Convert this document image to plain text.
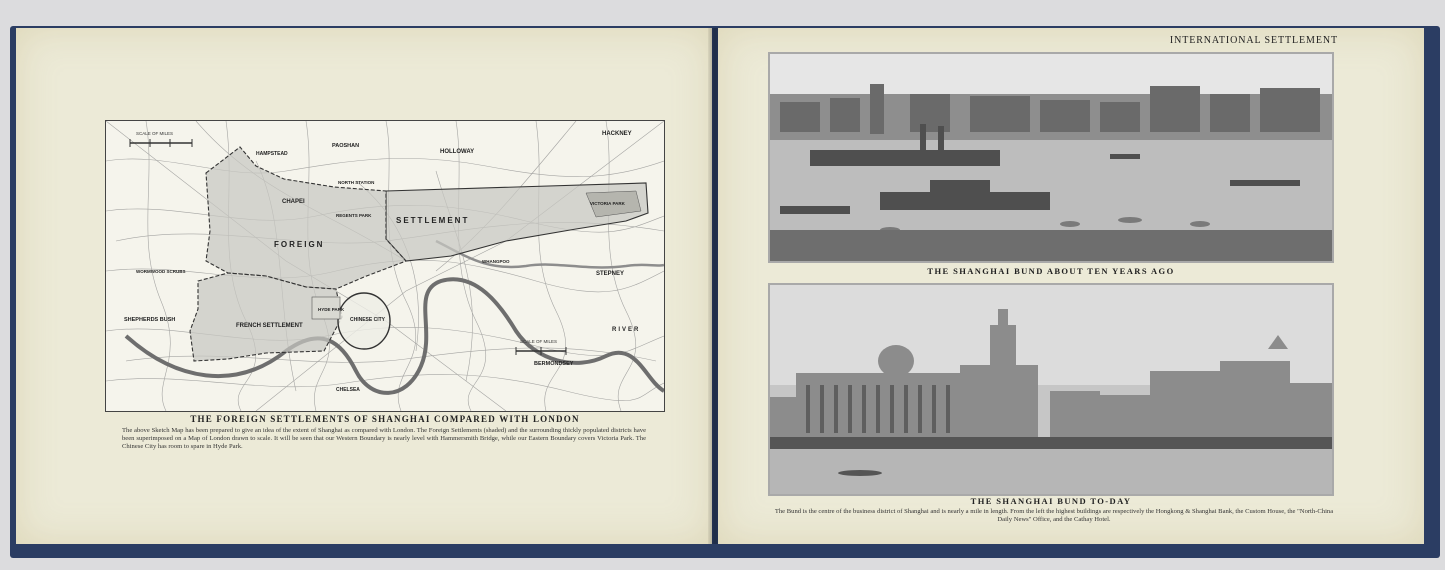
SCALE OF MILES
SCALE OF MILES
HACKNEY
HAMPSTEAD
PAOSHAN
HOLLOWAY
NORTH STATION
CHAPEI
REGENTS PARK
SETTLEMENT
VICTORIA PARK
FOREIGN
WORMWOOD SCRUBS	STEPNEY
WHANGPOO
FRENCH SETTLEMENT
HYDE PARK
CHINESE CITY
SHEPHERDS BUSH
BERMONDSEY
CHELSEA
RIVER
THE FOREIGN SETTLEMENTS OF SHANGHAI COMPARED WITH LONDON
The above Sketch Map has been prepared to give an idea of the extent of Shanghai as compared with London. The Foreign Settlements (shaded) and the surrounding thickly populated districts have been superimposed on a Map of London drawn to scale. It will be seen that our Western Boundary is nearly level with Hammersmith Bridge, while our Eastern Boundary covers Victoria Park. The Chinese City has room to spare in Hyde Park.
INTERNATIONAL SETTLEMENT
THE SHANGHAI BUND ABOUT TEN YEARS AGO
THE SHANGHAI BUND TO-DAY
The Bund is the centre of the business district of Shanghai and is nearly a mile in length. From the left the highest buildings are respectively the Hongkong & Shanghai Bank, the Custom House, the "North-China Daily News" Office, and the Cathay Hotel.
